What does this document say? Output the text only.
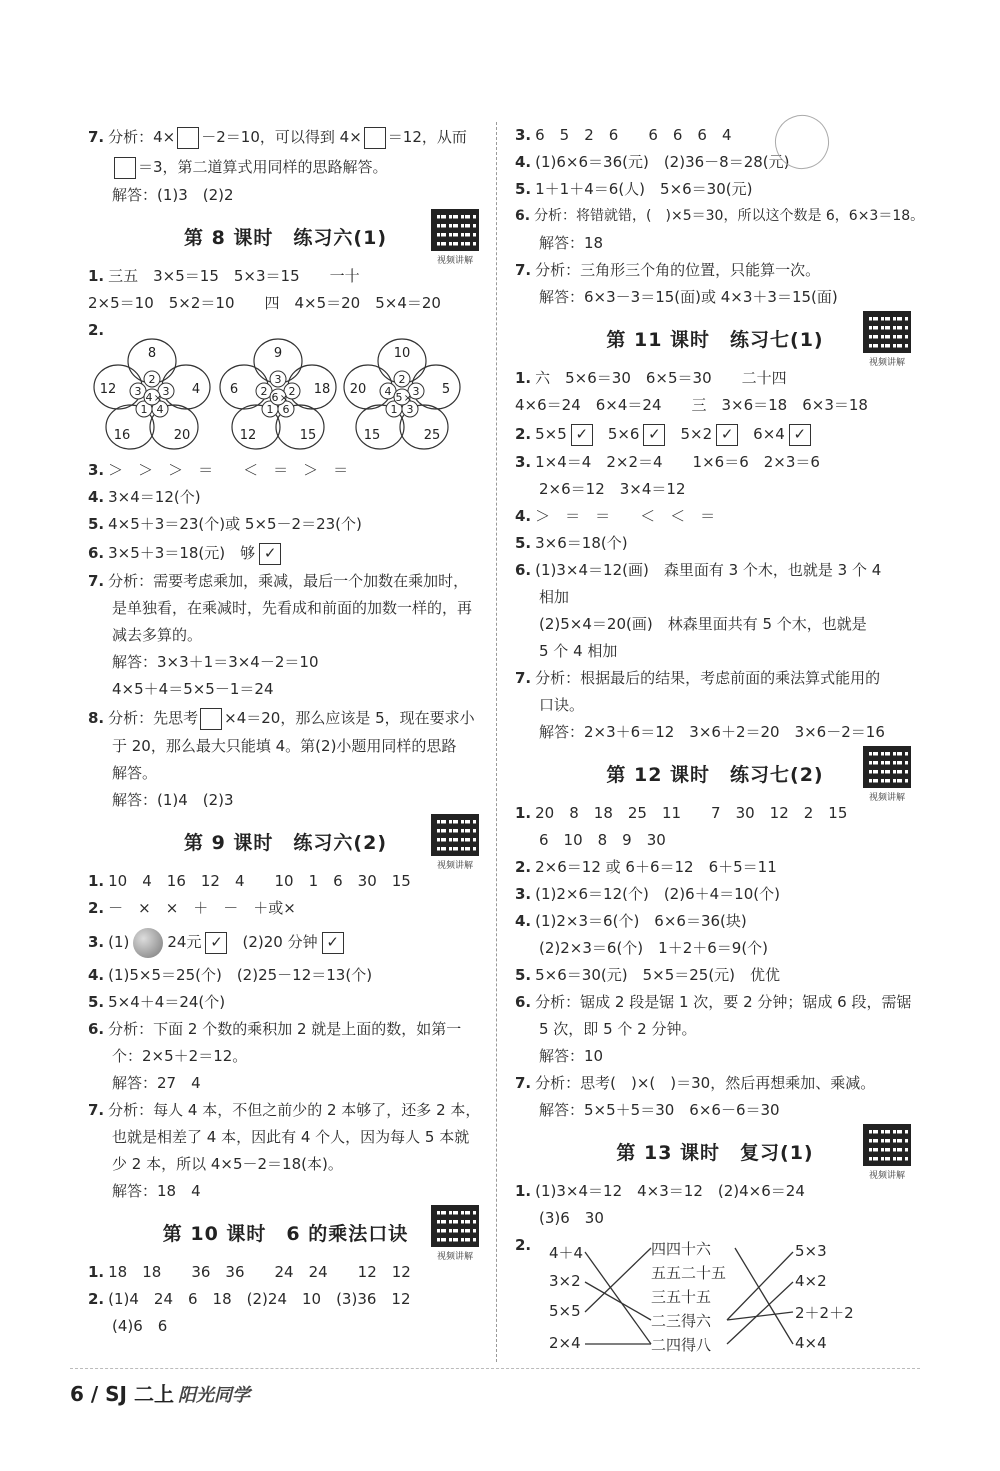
7. 分析：4× －2＝10，可以得到 4× ＝12，从而
＝3，第二道算式用同样的思路解答。
解答：(1)3　(2)2
第 8 课时　练习六(1)
视频讲解
1. 三五　3×5＝15　5×3＝15　　一十
2×5＝10　5×2＝10　　四　4×5＝20　5×4＝20
2.
8
12	4
16	20
2
3 3
1 4
4 ×
9
6	18
12	15
3
2 2
1 6
6 ×
10
20	5
15	25
2
4 3
1 3
5 ×
3. ＞　＞　＞　＝　　＜　＝　＞　＝
4. 3×4＝12(个)
5. 4×5＋3＝23(个)或 5×5－2＝23(个)
6. 3×5＋3＝18(元)　够 ✓
7. 分析：需要考虑乘加，乘减，最后一个加数在乘加时，
是单独看，在乘减时，先看成和前面的加数一样的，再
减去多算的。
解答：3×3＋1＝3×4－2＝10
4×5＋4＝5×5－1＝24
8. 分析：先思考 ×4＝20，那么应该是 5，现在要求小
于 20，那么最大只能填 4。第(2)小题用同样的思路
解答。
解答：(1)4　(2)3
第 9 课时　练习六(2)
视频讲解
1. 10　4　16　12　4　　10　1　6　30　15
2. －　×　×　＋　－　＋或×
3. (1)	24元 ✓　 (2)20 分钟 ✓
4. (1)5×5＝25(个)　(2)25－12＝13(个)
5. 5×4＋4＝24(个)
6. 分析：下面 2 个数的乘积加 2 就是上面的数，如第一
个：2×5＋2＝12。
解答：27　4
7. 分析：每人 4 本，不但之前少的 2 本够了，还多 2 本，
也就是相差了 4 本，因此有 4 个人，因为每人 5 本就
少 2 本，所以 4×5－2＝18(本)。
解答：18　4
第 10 课时　6 的乘法口诀
视频讲解
1. 18　18　　36　36　　24　24　　12　12
2. (1)4　24　6　18　(2)24　10　(3)36　12
(4)6　6
3. 6　5　2　6　　6　6　6　4
4. (1)6×6＝36(元)　(2)36－8＝28(元)
5. 1＋1＋4＝6(人)　5×6＝30(元)
6. 分析：将错就错，(　)×5＝30，所以这个数是 6，6×3＝18。
解答：18
7. 分析：三角形三个角的位置，只能算一次。
解答：6×3－3＝15(面)或 4×3＋3＝15(面)
第 11 课时　练习七(1)
视频讲解
1. 六　5×6＝30　6×5＝30　　二十四
4×6＝24　6×4＝24　　三　3×6＝18　6×3＝18
2. 5×5 ✓　 5×6 ✓　 5×2 ✓　 6×4 ✓
3. 1×4＝4　2×2＝4　　1×6＝6　2×3＝6
2×6＝12　3×4＝12
4. ＞　＝　＝　　＜　＜　＝
5. 3×6＝18(个)
6. (1)3×4＝12(画)　森里面有 3 个木，也就是 3 个 4
相加
(2)5×4＝20(画)　林森里面共有 5 个木，也就是
5 个 4 相加
7. 分析：根据最后的结果，考虑前面的乘法算式能用的
口诀。
解答：2×3＋6＝12　3×6＋2＝20　3×6－2＝16
第 12 课时　练习七(2)
视频讲解
1. 20　8　18　25　11　　7　30　12　2　15
6　10　8　9　30
2. 2×6＝12 或 6＋6＝12　6＋5＝11
3. (1)2×6＝12(个)　(2)6＋4＝10(个)
4. (1)2×3＝6(个)　6×6＝36(块)
(2)2×3＝6(个)　1＋2＋6＝9(个)
5. 5×6＝30(元)　5×5＝25(元)　优优
6. 分析：锯成 2 段是锯 1 次，要 2 分钟；锯成 6 段，需锯
5 次，即 5 个 2 分钟。
解答：10
7. 分析：思考(　)×(　)＝30，然后再想乘加、乘减。
解答：5×5＋5＝30　6×6－6＝30
第 13 课时　复习(1)
视频讲解
1. (1)3×4＝12　4×3＝12　(2)4×6＝24
(3)6　30
2.	4＋4
3×2
5×5
2×4
四四十六
五五二十五
三五十五
二三得六
二四得八
5×3
4×2
2＋2＋2
4×4
6 / SJ 二上 阳光同学
